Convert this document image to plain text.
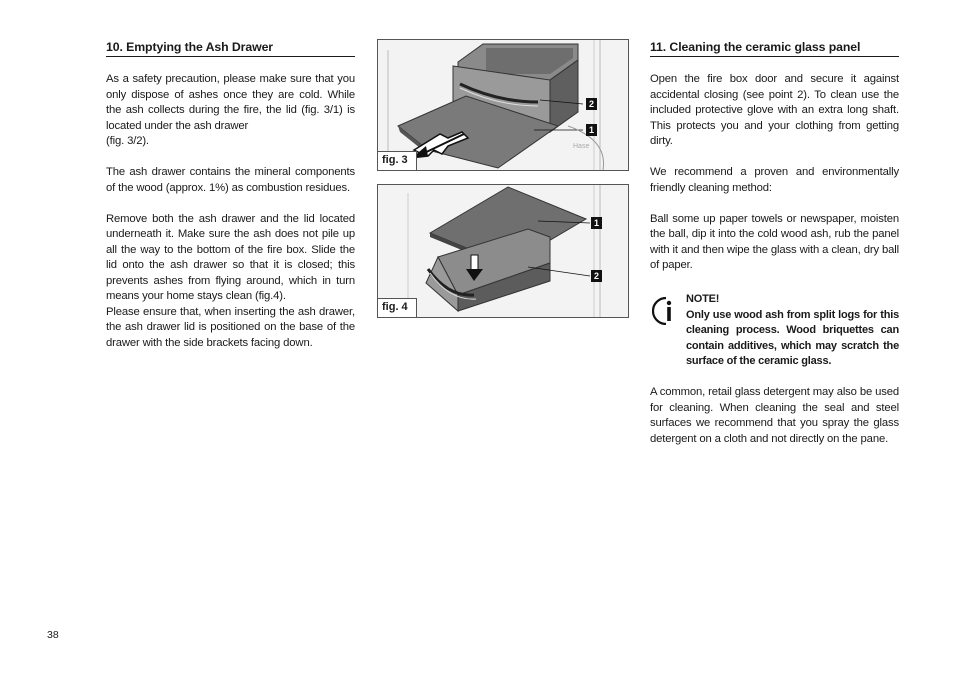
10. Emptying the Ash Drawer

As a safety precaution, please make sure that you only dispose of ashes once they are cold. While the ash collects during the fire, the lid (fig. 3/1) is located under the ash drawer

(fig. 3/2).

The ash drawer contains the mineral components of the wood (approx. 1%) as combustion residues.

Remove both the ash drawer and the lid located underneath it. Make sure the ash does not pile up all the way to the bottom of the fire box. Slide the lid onto the ash drawer so that it is closed; this prevents ashes from flying around, which in turn means your home stays clean (fig.4).

Please ensure that, when inserting the ash drawer, the ash drawer lid is positioned on the base of the drawer with the side brackets facing down.

Hase
2
1
fig. 3
1
2
fig. 4
11. Cleaning the ceramic glass panel

Open the fire box door and secure it against accidental closing (see point 2). To clean use the included protective glove with an extra long shaft. This protects you and your clothing from getting dirty.

We recommend a proven and environmentally friendly cleaning method:

Ball some up paper towels or newspaper, moisten the ball, dip it into the cold wood ash, rub the panel with it and then wipe the glass with a clean, dry ball of paper.

NOTE!

Only use wood ash from split logs for this cleaning process. Wood briquettes can contain additives, which may scratch the surface of the ceramic glass.

A common, retail glass detergent may also be used for cleaning. When cleaning the seal and steel surfaces we recommend that you spray the glass detergent on a cloth and not directly on the pane.

38
